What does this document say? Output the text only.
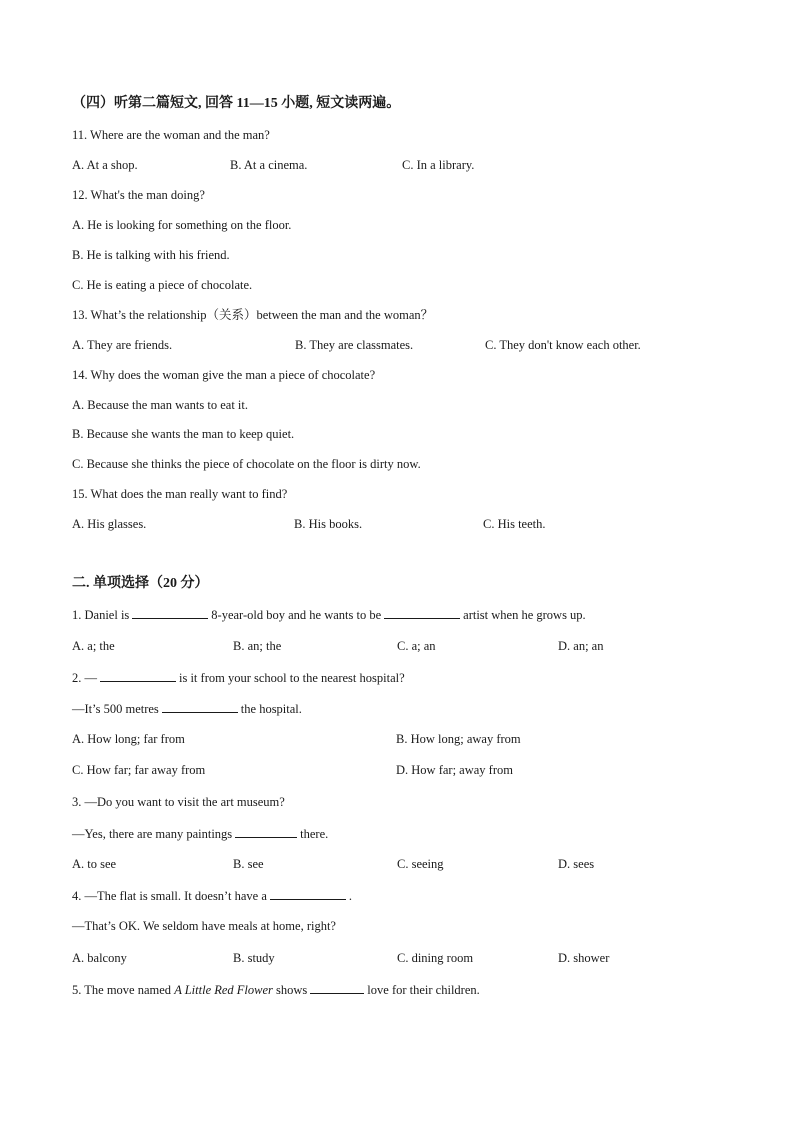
（四）听第二篇短文, 回答 11—15 小题, 短文读两遍。
11. Where are the woman and the man?
A. At a shop.	B. At a cinema.	C. In a library.
12. What's the man doing?
A. He is looking for something on the floor.
B. He is talking with his friend.
C. He is eating a piece of chocolate.
13. What’s the relationship（关系）between the man and the woman？
A. They are friends.	B. They are classmates.	C. They don't know each other.
14. Why does the woman give the man a piece of chocolate?
A. Because the man wants to eat it.
B. Because she wants the man to keep quiet.
C. Because she thinks the piece of chocolate on the floor is dirty now.
15. What does the man really want to find?
A. His glasses.	B. His books.	C. His teeth.
二. 单项选择（20 分）
1. Daniel is	8-year-old boy and he wants to be	artist when he grows up.
A. a; the	B. an; the	C. a; an	D. an; an
2. —	is it from your school to the nearest hospital?
—It’s 500 metres	the hospital.
A. How long; far from	B. How long; away from
C. How far; far away from	D. How far; away from
3. —Do you want to visit the art museum?
—Yes, there are many paintings	there.
A. to see	B. see	C. seeing	D. sees
4. —The flat is small. It doesn’t have a	.
—That’s OK. We seldom have meals at home, right?
A. balcony	B. study	C. dining room	D. shower
5. The move named A Little Red Flower shows	love for their children.
